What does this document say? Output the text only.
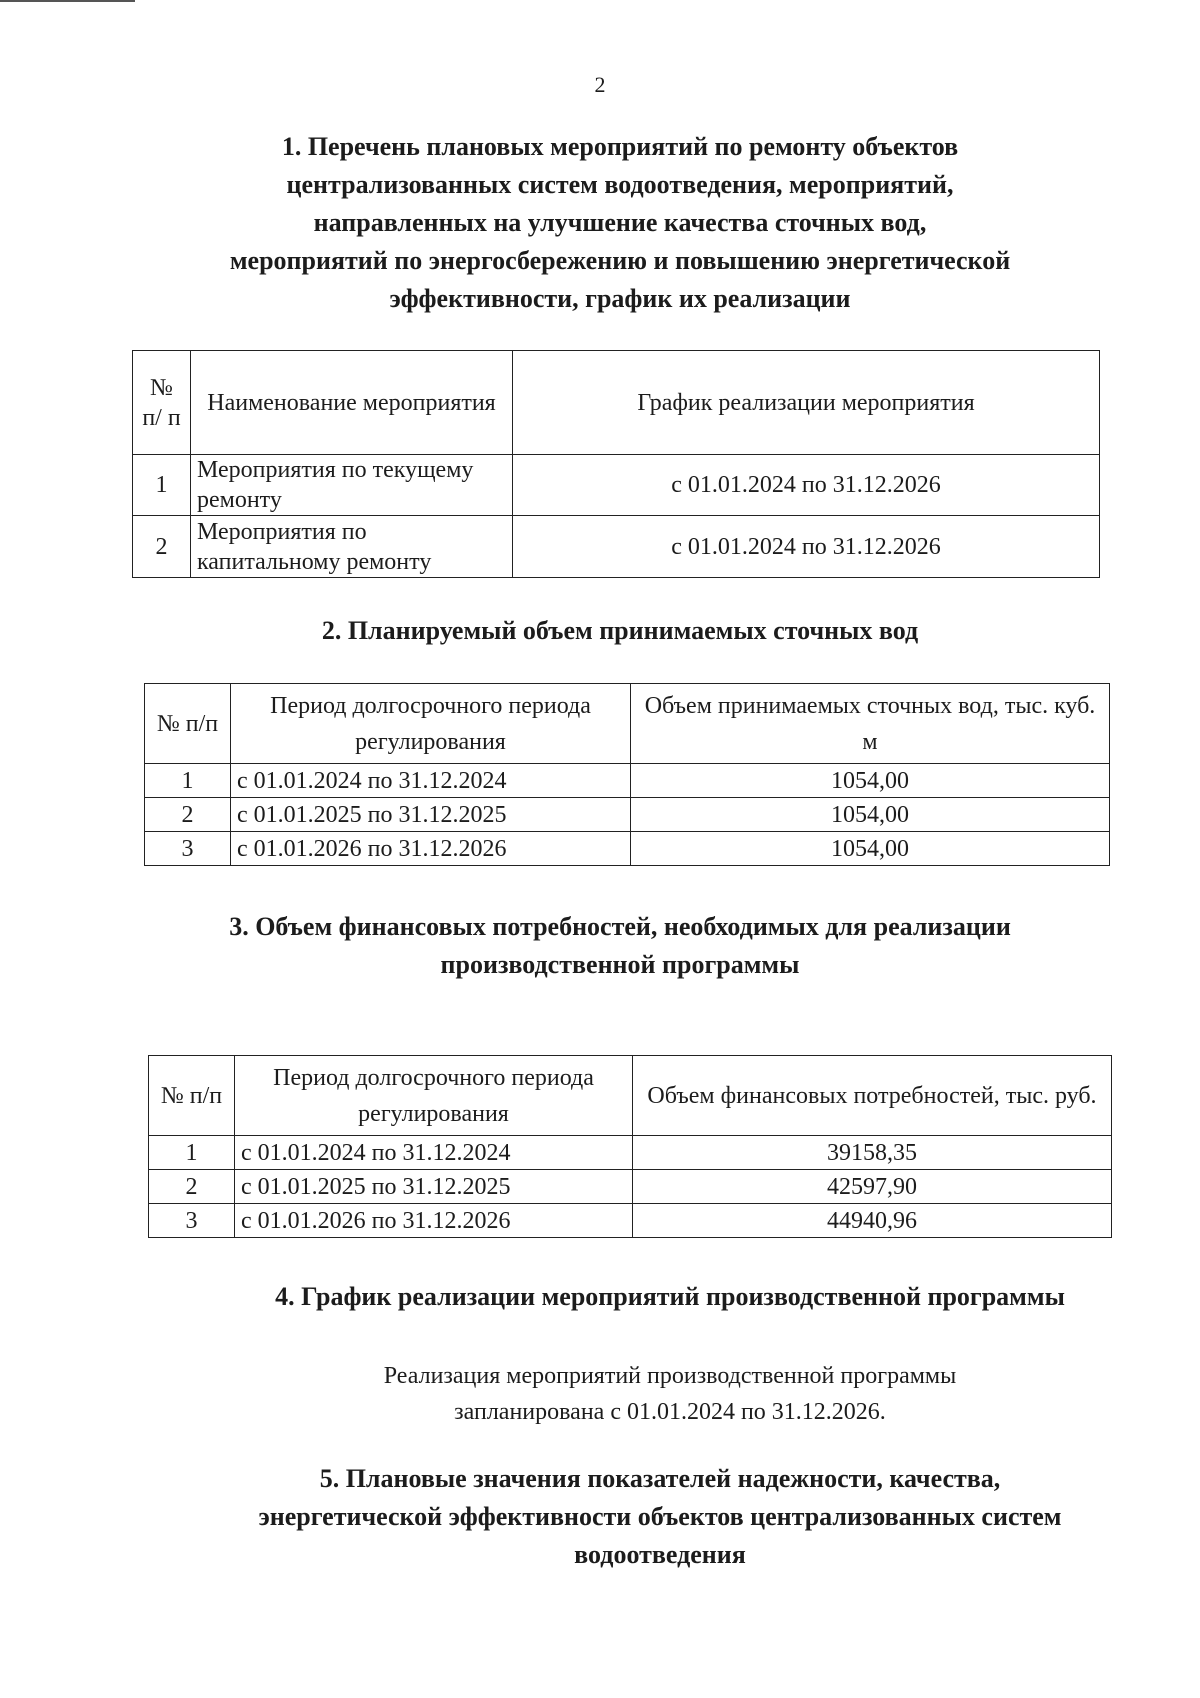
2
1. Перечень плановых мероприятий по ремонту объектов
централизованных систем водоотведения, мероприятий,
направленных на улучшение качества сточных вод,
мероприятий по энергосбережению и повышению энергетической
эффективности, график их реализации
№ п/ п	Наименование мероприятия	График реализации мероприятия
1	Мероприятия по текущему ремонту	с 01.01.2024 по 31.12.2026
2	Мероприятия по капитальному ремонту	с 01.01.2024 по 31.12.2026
2. Планируемый объем принимаемых сточных вод
№ п/п	Период долгосрочного периода регулирования	Объем принимаемых сточных вод, тыс. куб. м
1	с 01.01.2024 по 31.12.2024	1054,00
2	с 01.01.2025 по 31.12.2025	1054,00
3	с 01.01.2026 по 31.12.2026	1054,00
3. Объем финансовых потребностей, необходимых для реализации
производственной программы
№ п/п	Период долгосрочного периода регулирования	Объем финансовых потребностей, тыс. руб.
1	с 01.01.2024 по 31.12.2024	39158,35
2	с 01.01.2025 по 31.12.2025	42597,90
3	с 01.01.2026 по 31.12.2026	44940,96
4. График реализации мероприятий производственной программы
Реализация мероприятий производственной программы
запланирована с 01.01.2024 по 31.12.2026.
5. Плановые значения показателей надежности, качества,
энергетической эффективности объектов централизованных систем
водоотведения
